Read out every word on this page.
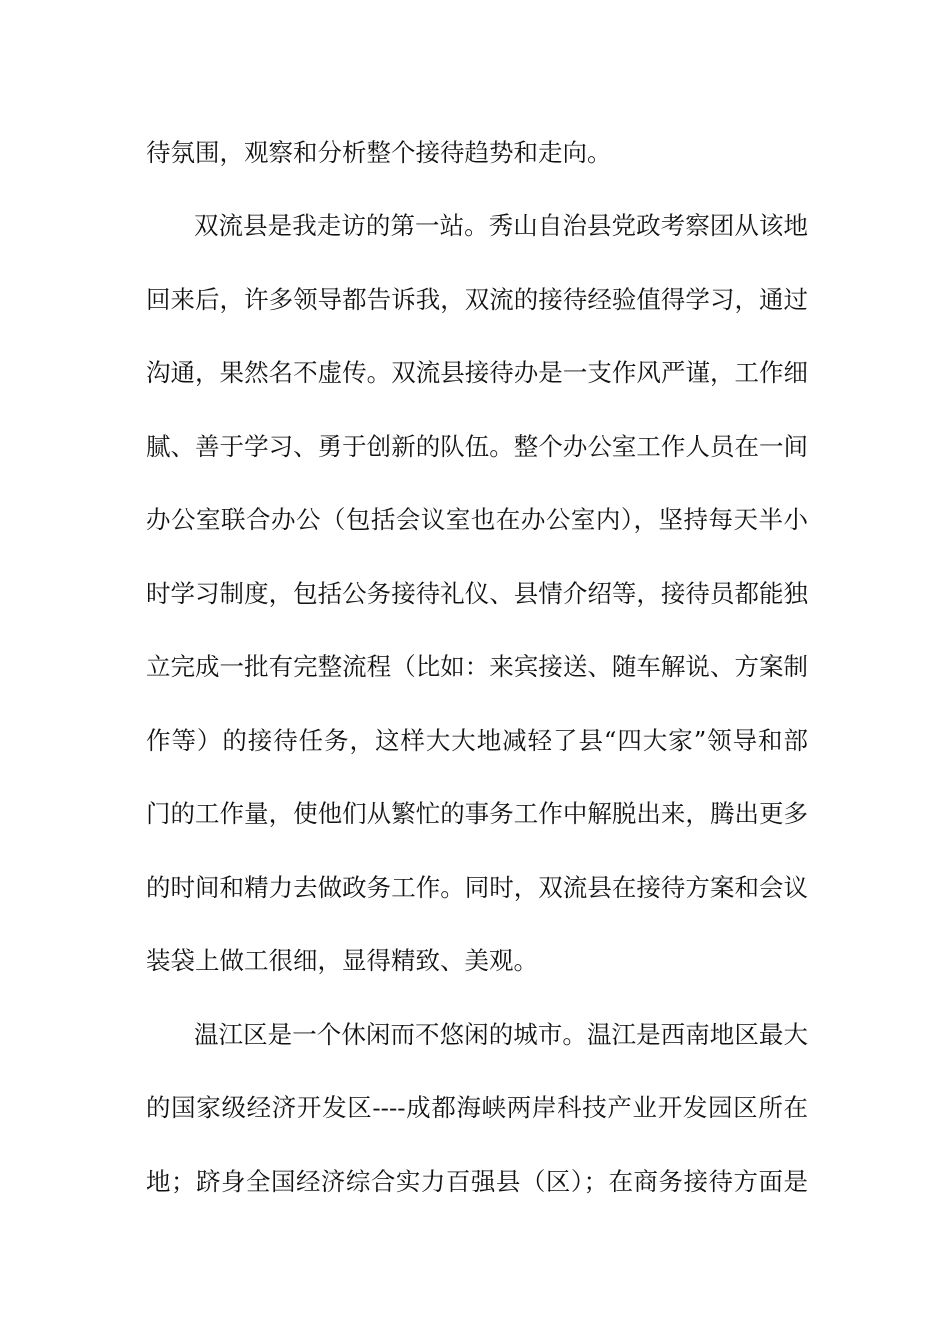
待氛围，观察和分析整个接待趋势和走向。
双流县是我走访的第一站。秀山自治县党政考察团从该地
回来后，许多领导都告诉我，双流的接待经验值得学习，通过
沟通，果然名不虚传。双流县接待办是一支作风严谨，工作细
腻、善于学习、勇于创新的队伍。整个办公室工作人员在一间
办公室联合办公（包括会议室也在办公室内），坚持每天半小
时学习制度，包括公务接待礼仪、县情介绍等，接待员都能独
立完成一批有完整流程（比如：来宾接送、随车解说、方案制
作等）的接待任务，这样大大地减轻了县“四大家”领导和部
门的工作量，使他们从繁忙的事务工作中解脱出来，腾出更多
的时间和精力去做政务工作。同时，双流县在接待方案和会议
装袋上做工很细，显得精致、美观。
温江区是一个休闲而不悠闲的城市。温江是西南地区最大
的国家级经济开发区----成都海峡两岸科技产业开发园区所在
地；跻身全国经济综合实力百强县（区）；在商务接待方面是
